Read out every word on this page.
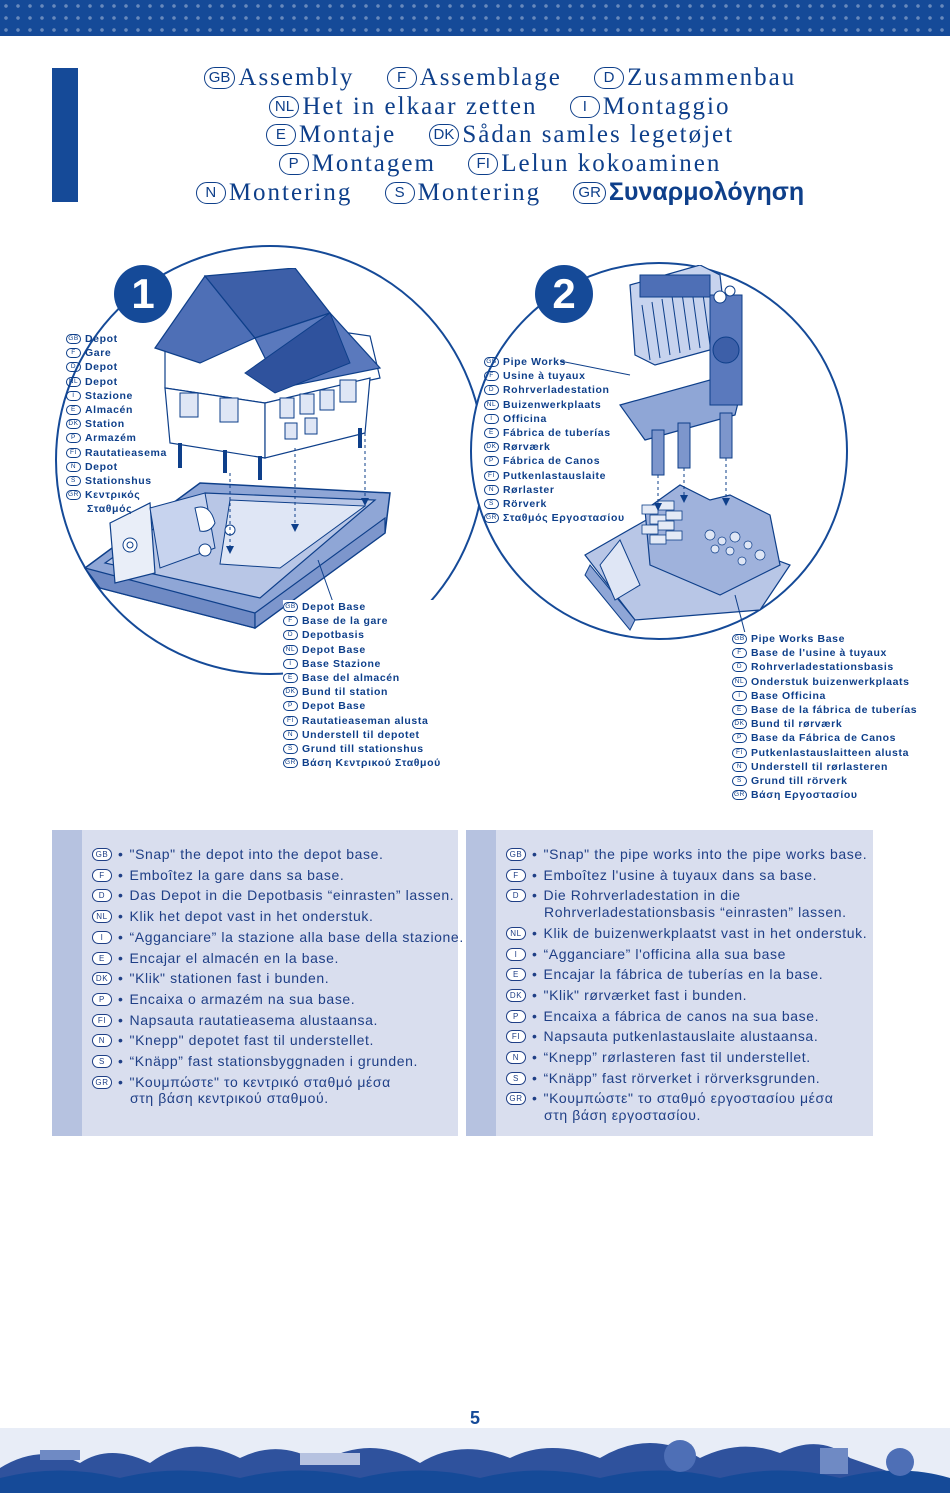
GB Assembly	F Assemblage	D Zusammenbau
NL Het in elkaar zetten	I Montaggio
E Montaje DK Sådan samles legetøjet
P Montagem	FI Lelun kokoaminen
N Montering	S Montering GR Συναρμολόγηση
1
GB Depot
F Gare
D Depot
NL Depot
I Stazione
E Almacén
DK Station
P Armazém
FI Rautatieasema
N Depot
S Stationshus
GR Κεντρικός
Σταθμός
GB Depot Base
F Base de la gare
D Depotbasis
NL Depot Base
I Base Stazione
E Base del almacén
DK Bund til station
P Depot Base
FI Rautatieaseman alusta
N Understell til depotet
S Grund till stationshus
GR Βάση Κεντρικού Σταθμού
2
GB Pipe Works
F Usine à tuyaux
D Rohrverladestation
NL Buizenwerkplaats
I Officina
E Fábrica de tuberías
DK Rørværk
P Fábrica de Canos
FI Putkenlastauslaite
N Rørlaster
S Rörverk
GR Σταθμός Εργοστασίου
GB Pipe Works Base
F Base de l'usine à tuyaux
D Rohrverladestationsbasis
NL Onderstuk buizenwerkplaats
I Base Officina
E Base de la fábrica de tuberías
DK Bund til rørværk
P Base da Fábrica de Canos
FI Putkenlastauslaitteen alusta
N Understell til rørlasteren
S Grund till rörverk
GR Βάση Εργοστασίου
GB • "Snap" the depot into the depot base.
F • Emboîtez la gare dans sa base.
D • Das Depot in die Depotbasis “einrasten” lassen.
NL • Klik het depot vast in het onderstuk.
I	• “Agganciare” la stazione alla base della stazione.
E • Encajar el almacén en la base.
DK • "Klik" stationen fast i bunden.
P • Encaixa o armazém na sua base.
FI • Napsauta rautatieasema alustaansa.
N • "Knepp" depotet fast til understellet.
S • “Knäpp” fast stationsbyggnaden i grunden.
GR • "Κουμπώστε" το κεντρικό σταθμό μέσα
στη βάση κεντρικού σταθμού.
GB • "Snap" the pipe works into the pipe works base.
F • Emboîtez l'usine à tuyaux dans sa base.
D • Die Rohrverladestation in die
Rohrverladestationsbasis “einrasten” lassen.
NL • Klik de buizenwerkplaatst vast in het onderstuk.
I	• “Agganciare” l'officina alla sua base
E • Encajar la fábrica de tuberías en la base.
DK • "Klik" rørværket fast i bunden.
P • Encaixa a fábrica de canos na sua base.
FI • Napsauta putkenlastauslaite alustaansa.
N • “Knepp” rørlasteren fast til understellet.
S • “Knäpp” fast rörverket i rörverksgrunden.
GR • "Κουμπώστε" το σταθμό εργοστασίου μέσα
στη βάση εργοστασίου.
5
